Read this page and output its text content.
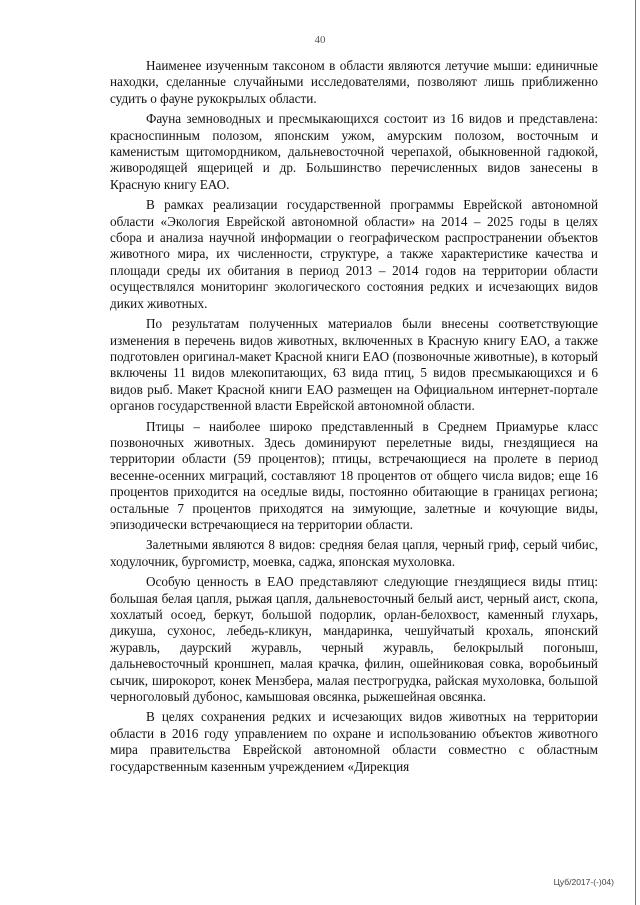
40

Наименее изученным таксоном в области являются летучие мыши: единичные находки, сделанные случайными исследователями, позволяют лишь приближенно судить о фауне рукокрылых области.

Фауна земноводных и пресмыкающихся состоит из 16 видов и представлена: красноспинным полозом, японским ужом, амурским полозом, восточным и каменистым щитомордником, дальневосточной черепахой, обыкновенной гадюкой, живородящей ящерицей и др. Большинство перечисленных видов занесены в Красную книгу ЕАО.

В рамках реализации государственной программы Еврейской автономной области «Экология Еврейской автономной области» на 2014 – 2025 годы в целях сбора и анализа научной информации о географическом распространении объектов животного мира, их численности, структуре, а также характеристике качества и площади среды их обитания в период 2013 – 2014 годов на территории области осуществлялся мониторинг экологического состояния редких и исчезающих видов диких животных.

По результатам полученных материалов были внесены соответствующие изменения в перечень видов животных, включенных в Красную книгу ЕАО, а также подготовлен оригинал-макет Красной книги ЕАО (позвоночные животные), в который включены 11 видов млекопитающих, 63 вида птиц, 5 видов пресмыкающихся и 6 видов рыб. Макет Красной книги ЕАО размещен на Официальном интернет-портале органов государственной власти Еврейской автономной области.

Птицы – наиболее широко представленный в Среднем Приамурье класс позвоночных животных. Здесь доминируют перелетные виды, гнездящиеся на территории области (59 процентов); птицы, встречающиеся на пролете в период весенне-осенних миграций, составляют 18 процентов от общего числа видов; еще 16 процентов приходится на оседлые виды, постоянно обитающие в границах региона; остальные 7 процентов приходятся на зимующие, залетные и кочующие виды, эпизодически встречающиеся на территории области.

Залетными являются 8 видов: средняя белая цапля, черный гриф, серый чибис, ходулочник, бургомистр, моевка, саджа, японская мухоловка.

Особую ценность в ЕАО представляют следующие гнездящиеся виды птиц: большая белая цапля, рыжая цапля, дальневосточный белый аист, черный аист, скопа, хохлатый осоед, беркут, большой подорлик, орлан-белохвост, каменный глухарь, дикуша, сухонос, лебедь-кликун, мандаринка, чешуйчатый крохаль, японский журавль, даурский журавль, черный журавль, белокрылый погоныш, дальневосточный кроншнеп, малая крачка, филин, ошейниковая совка, воробьиный сычик, широкорот, конек Мензбера, малая пестрогрудка, райская мухоловка, большой черноголовый дубонос, камышовая овсянка, рыжешейная овсянка.

В целях сохранения редких и исчезающих видов животных на территории области в 2016 году управлением по охране и использованию объектов животного мира правительства Еврейской автономной области совместно с областным государственным казенным учреждением «Дирекция

Цуб/2017-(-)04)
